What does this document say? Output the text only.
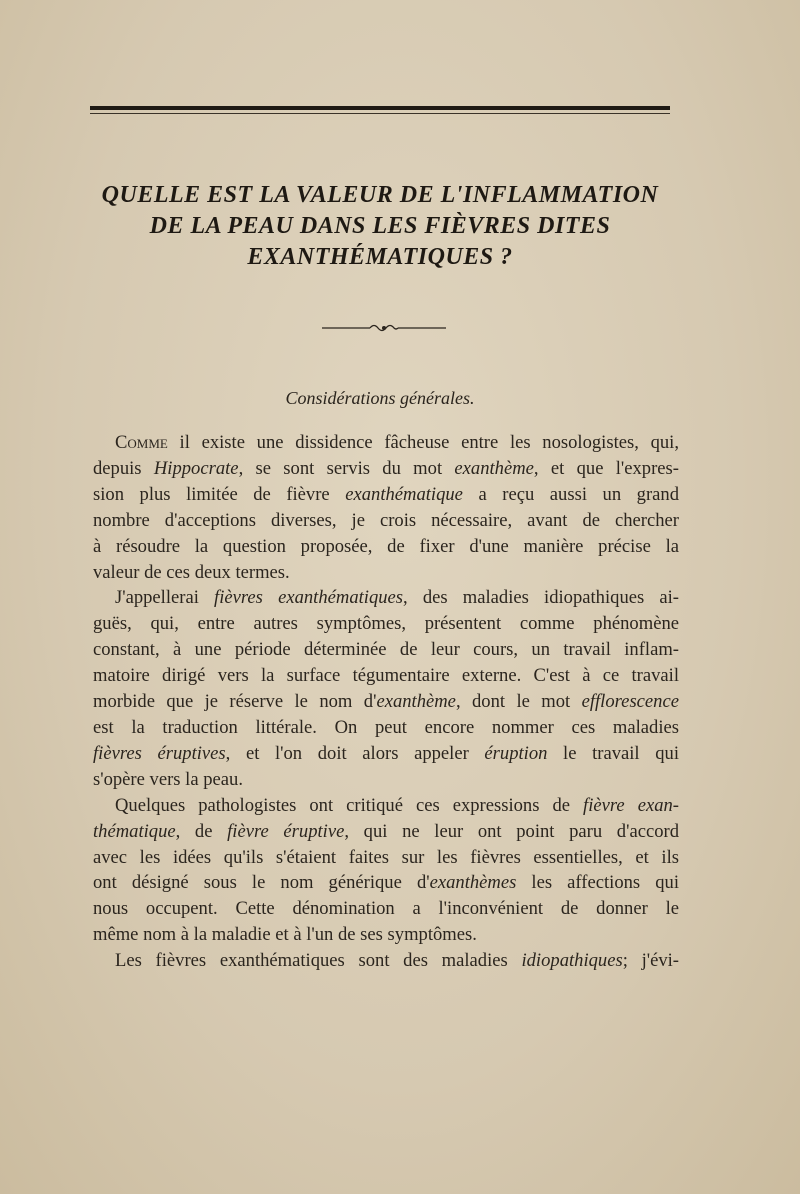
QUELLE EST LA VALEUR DE L'INFLAMMATION
DE LA PEAU DANS LES FIÈVRES DITES
EXANTHÉMATIQUES ?
Considérations générales.
Comme il existe une dissidence fâcheuse entre les nosologistes, qui,
depuis Hippocrate, se sont servis du mot exanthème, et que l'expres-
sion plus limitée de fièvre exanthématique a reçu aussi un grand
nombre d'acceptions diverses, je crois nécessaire, avant de chercher
à résoudre la question proposée, de fixer d'une manière précise la
valeur de ces deux termes.
J'appellerai fièvres exanthématiques, des maladies idiopathiques ai-
guës, qui, entre autres symptômes, présentent comme phénomène
constant, à une période déterminée de leur cours, un travail inflam-
matoire dirigé vers la surface tégumentaire externe. C'est à ce travail
morbide que je réserve le nom d'exanthème, dont le mot efflorescence
est la traduction littérale. On peut encore nommer ces maladies
fièvres éruptives, et l'on doit alors appeler éruption le travail qui
s'opère vers la peau.
Quelques pathologistes ont critiqué ces expressions de fièvre exan-
thématique, de fièvre éruptive, qui ne leur ont point paru d'accord
avec les idées qu'ils s'étaient faites sur les fièvres essentielles, et ils
ont désigné sous le nom générique d'exanthèmes les affections qui
nous occupent. Cette dénomination a l'inconvénient de donner le
même nom à la maladie et à l'un de ses symptômes.
Les fièvres exanthématiques sont des maladies idiopathiques; j'évi-
